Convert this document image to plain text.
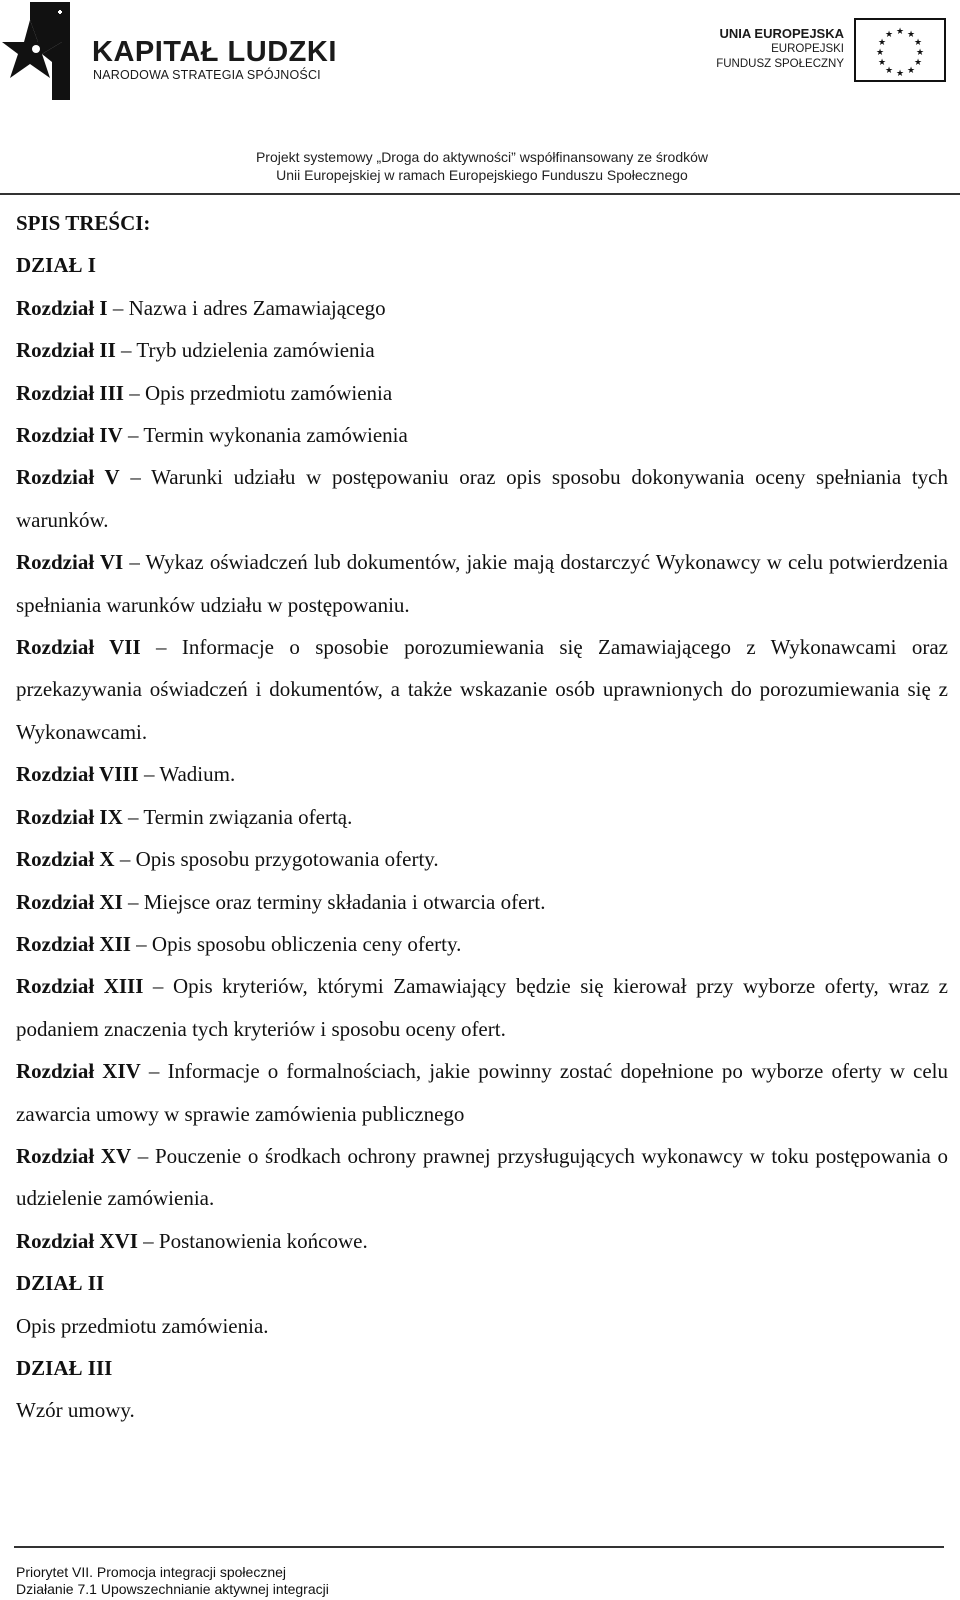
KAPITAŁ LUDZKI
NARODOWA STRATEGIA SPÓJNOŚCI
UNIA EUROPEJSKA
EUROPEJSKI
FUNDUSZ SPOŁECZNY
★ ★
★
★
★
★
★
★
★
★
★
★
Projekt systemowy „Droga do aktywności” współfinansowany ze środków
Unii Europejskiej w ramach Europejskiego Funduszu Społecznego

SPIS TREŚCI:

DZIAŁ I

Rozdział I – Nazwa i adres Zamawiającego

Rozdział II – Tryb udzielenia zamówienia

Rozdział III – Opis przedmiotu zamówienia

Rozdział IV – Termin wykonania zamówienia

Rozdział V – Warunki udziału w postępowaniu oraz opis sposobu dokonywania oceny spełniania tych warunków.

Rozdział VI – Wykaz oświadczeń lub dokumentów, jakie mają dostarczyć Wykonawcy w celu potwierdzenia spełniania warunków udziału w postępowaniu.

Rozdział VII – Informacje o sposobie porozumiewania się Zamawiającego z Wykonawcami oraz przekazywania oświadczeń i dokumentów, a także wskazanie osób uprawnionych do porozumiewania się z Wykonawcami.

Rozdział VIII – Wadium.

Rozdział IX – Termin związania ofertą.

Rozdział X – Opis sposobu przygotowania oferty.

Rozdział XI – Miejsce oraz terminy składania i otwarcia ofert.

Rozdział XII – Opis sposobu obliczenia ceny oferty.

Rozdział XIII – Opis kryteriów, którymi Zamawiający będzie się kierował przy wyborze oferty, wraz z podaniem znaczenia tych kryteriów i sposobu oceny ofert.

Rozdział XIV – Informacje o formalnościach, jakie powinny zostać dopełnione po wyborze oferty w celu zawarcia umowy w sprawie zamówienia publicznego

Rozdział XV – Pouczenie o środkach ochrony prawnej przysługujących wykonawcy w toku postępowania o udzielenie zamówienia.

Rozdział XVI – Postanowienia końcowe.

DZIAŁ II

Opis przedmiotu zamówienia.

DZIAŁ III

Wzór umowy.

Priorytet VII. Promocja integracji społecznej
Działanie 7.1 Upowszechnianie aktywnej integracji
